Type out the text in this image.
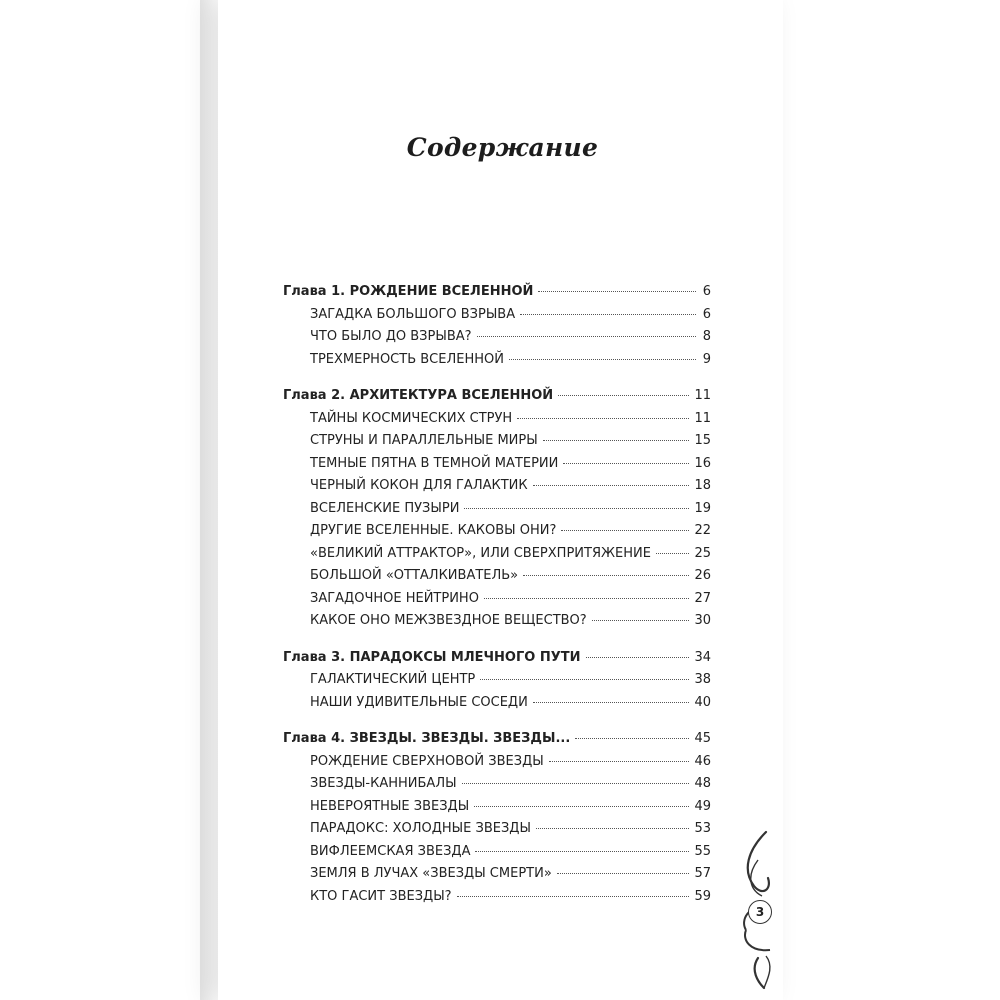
Содержание
Глава 1. РОЖДЕНИЕ ВСЕЛЕННОЙ	6
ЗАГАДКА БОЛЬШОГО ВЗРЫВА	6
ЧТО БЫЛО ДО ВЗРЫВА?	8
ТРЕХМЕРНОСТЬ ВСЕЛЕННОЙ	9
Глава 2. АРХИТЕКТУРА ВСЕЛЕННОЙ	11
ТАЙНЫ КОСМИЧЕСКИХ СТРУН	11
СТРУНЫ И ПАРАЛЛЕЛЬНЫЕ МИРЫ	15
ТЕМНЫЕ ПЯТНА В ТЕМНОЙ МАТЕРИИ	16
ЧЕРНЫЙ КОКОН ДЛЯ ГАЛАКТИК	18
ВСЕЛЕНСКИЕ ПУЗЫРИ	19
ДРУГИЕ ВСЕЛЕННЫЕ. КАКОВЫ ОНИ?	22
«ВЕЛИКИЙ АТТРАКТОР», ИЛИ СВЕРХПРИТЯЖЕНИЕ	25
БОЛЬШОЙ «ОТТАЛКИВАТЕЛЬ»	26
ЗАГАДОЧНОЕ НЕЙТРИНО	27
КАКОЕ ОНО МЕЖЗВЕЗДНОЕ ВЕЩЕСТВО?	30
Глава 3. ПАРАДОКСЫ МЛЕЧНОГО ПУТИ	34
ГАЛАКТИЧЕСКИЙ ЦЕНТР	38
НАШИ УДИВИТЕЛЬНЫЕ СОСЕДИ	40
Глава 4. ЗВЕЗДЫ. ЗВЕЗДЫ. ЗВЕЗДЫ...	45
РОЖДЕНИЕ СВЕРХНОВОЙ ЗВЕЗДЫ	46
ЗВЕЗДЫ-КАННИБАЛЫ	48
НЕВЕРОЯТНЫЕ ЗВЕЗДЫ	49
ПАРАДОКС: ХОЛОДНЫЕ ЗВЕЗДЫ	53
ВИФЛЕЕМСКАЯ ЗВЕЗДА	55
ЗЕМЛЯ В ЛУЧАХ «ЗВЕЗДЫ СМЕРТИ»	57
КТО ГАСИТ ЗВЕЗДЫ?	59
3
